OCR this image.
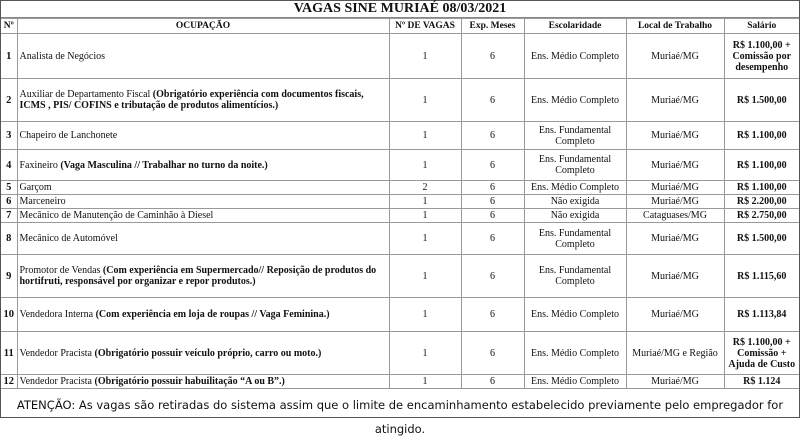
VAGAS SINE MURIAÉ 08/03/2021
Nº	OCUPAÇÃO	Nº DE VAGAS	Exp. Meses	Escolaridade	Local de Trabalho	Salário
1	Analista de Negócios	1	6	Ens. Médio Completo	Muriaé/MG	R$ 1.100,00 + Comissão por desempenho
2	Auxiliar de Departamento Fiscal (Obrigatório experiência com documentos fiscais, ICMS , PIS/ COFINS e tributação de produtos alimentícios.)	1	6	Ens. Médio Completo	Muriaé/MG	R$ 1.500,00
3	Chapeiro de Lanchonete	1	6	Ens. Fundamental Completo	Muriaé/MG	R$ 1.100,00
4	Faxineiro (Vaga Masculina // Trabalhar no turno da noite.)	1	6	Ens. Fundamental Completo	Muriaé/MG	R$ 1.100,00
5	Garçom	2	6	Ens. Médio Completo	Muriaé/MG	R$ 1.100,00
6	Marceneiro	1	6	Não exigida	Muriaé/MG	R$ 2.200,00
7	Mecânico de Manutenção de Caminhão à Diesel	1	6	Não exigida	Cataguases/MG	R$ 2.750,00
8	Mecânico de Automóvel	1	6	Ens. Fundamental Completo	Muriaé/MG	R$ 1.500,00
9	Promotor de Vendas (Com experiência em Supermercado// Reposição de produtos do hortifruti, responsável por organizar e repor produtos.)	1	6	Ens. Fundamental Completo	Muriaé/MG	R$ 1.115,60
10	Vendedora Interna (Com experiência em loja de roupas // Vaga Feminina.)	1	6	Ens. Médio Completo	Muriaé/MG	R$ 1.113,84
11	Vendedor Pracista (Obrigatório possuir veículo próprio, carro ou moto.)	1	6	Ens. Médio Completo	Muriaé/MG e Região	R$ 1.100,00 + Comissão + Ajuda de Custo
12	Vendedor Pracista (Obrigatório possuir habuilitação “A ou B”.)	1	6	Ens. Médio Completo	Muriaé/MG	R$ 1.124
ATENÇÃO: As vagas são retiradas do sistema assim que o limite de encaminhamento estabelecido previamente pelo empregador for atingido.
